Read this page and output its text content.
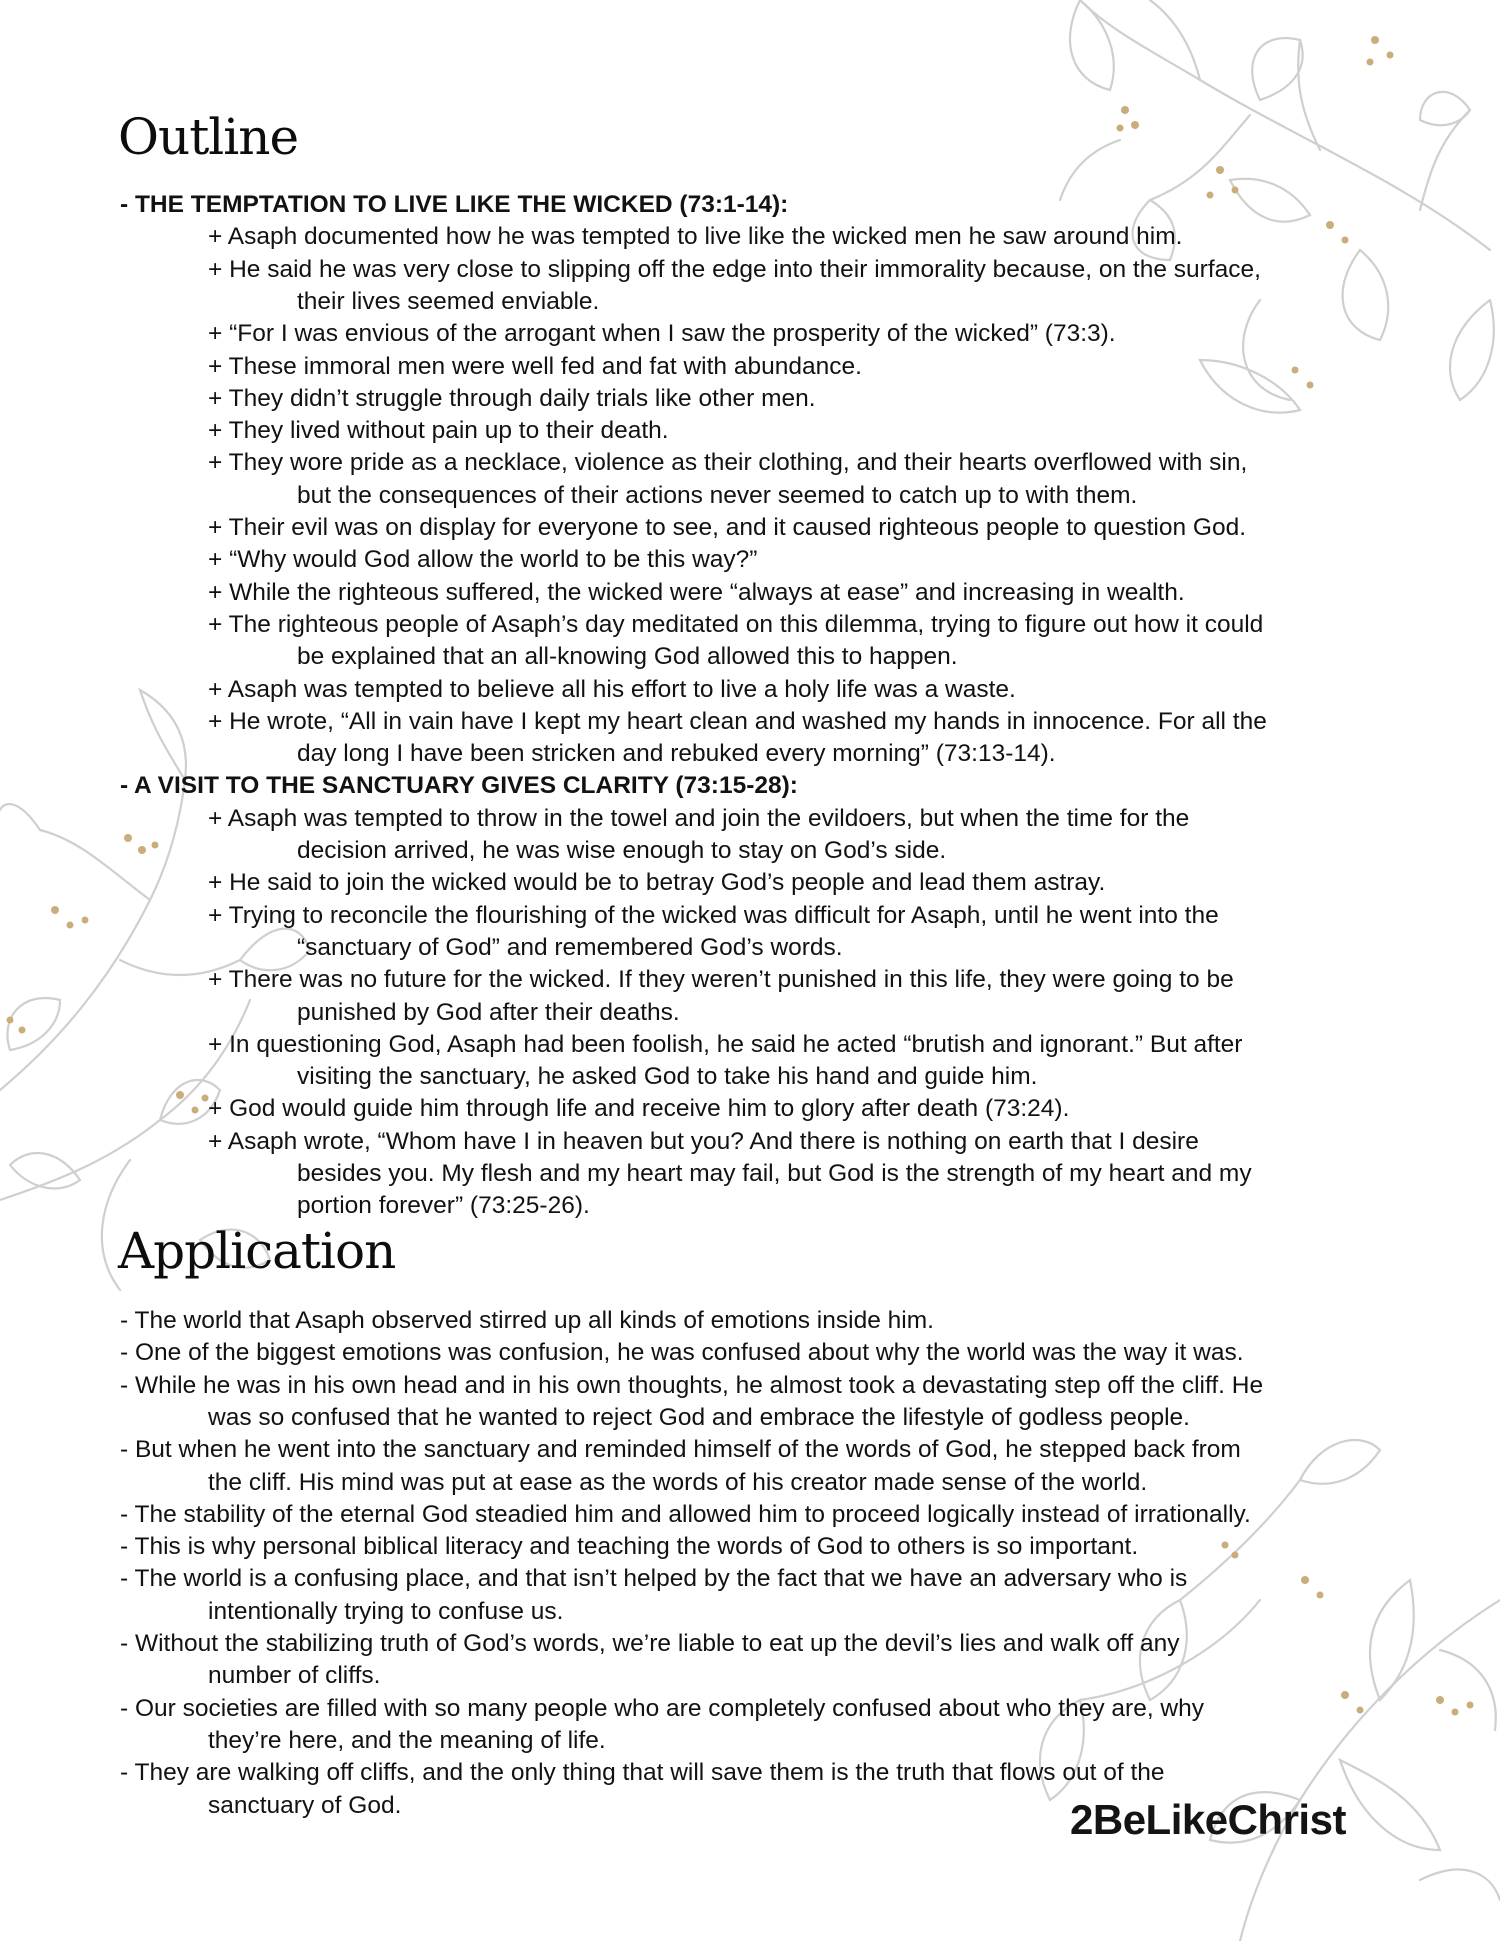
Outline
- THE TEMPTATION TO LIVE LIKE THE WICKED (73:1-14):
+ Asaph documented how he was tempted to live like the wicked men he saw around him.
+ He said he was very close to slipping off the edge into their immorality because, on the surface,
their lives seemed enviable.
+ “For I was envious of the arrogant when I saw the prosperity of the wicked” (73:3).
+ These immoral men were well fed and fat with abundance.
+ They didn’t struggle through daily trials like other men.
+ They lived without pain up to their death.
+ They wore pride as a necklace, violence as their clothing, and their hearts overflowed with sin,
but the consequences of their actions never seemed to catch up to with them.
+ Their evil was on display for everyone to see, and it caused righteous people to question God.
+ “Why would God allow the world to be this way?”
+ While the righteous suffered, the wicked were “always at ease” and increasing in wealth.
+ The righteous people of Asaph’s day meditated on this dilemma, trying to figure out how it could
be explained that an all-knowing God allowed this to happen.
+ Asaph was tempted to believe all his effort to live a holy life was a waste.
+ He wrote, “All in vain have I kept my heart clean and washed my hands in innocence. For all the
day long I have been stricken and rebuked every morning” (73:13-14).
- A VISIT TO THE SANCTUARY GIVES CLARITY (73:15-28):
+ Asaph was tempted to throw in the towel and join the evildoers, but when the time for the
decision arrived, he was wise enough to stay on God’s side.
+ He said to join the wicked would be to betray God’s people and lead them astray.
+ Trying to reconcile the flourishing of the wicked was difficult for Asaph, until he went into the
“sanctuary of God” and remembered God’s words.
+ There was no future for the wicked. If they weren’t punished in this life, they were going to be
punished by God after their deaths.
+ In questioning God, Asaph had been foolish, he said he acted “brutish and ignorant.” But after
visiting the sanctuary, he asked God to take his hand and guide him.
+ God would guide him through life and receive him to glory after death (73:24).
+ Asaph wrote, “Whom have I in heaven but you? And there is nothing on earth that I desire
besides you. My flesh and my heart may fail, but God is the strength of my heart and my
portion forever” (73:25-26).
Application
- The world that Asaph observed stirred up all kinds of emotions inside him.
- One of the biggest emotions was confusion, he was confused about why the world was the way it was.
- While he was in his own head and in his own thoughts, he almost took a devastating step off the cliff. He
was so confused that he wanted to reject God and embrace the lifestyle of godless people.
- But when he went into the sanctuary and reminded himself of the words of God, he stepped back from
the cliff. His mind was put at ease as the words of his creator made sense of the world.
- The stability of the eternal God steadied him and allowed him to proceed logically instead of irrationally.
- This is why personal biblical literacy and teaching the words of God to others is so important.
- The world is a confusing place, and that isn’t helped by the fact that we have an adversary who is
intentionally trying to confuse us.
- Without the stabilizing truth of God’s words, we’re liable to eat up the devil’s lies and walk off any
number of cliffs.
- Our societies are filled with so many people who are completely confused about who they are, why
they’re here, and the meaning of life.
- They are walking off cliffs, and the only thing that will save them is the truth that flows out of the
sanctuary of God.	2BeLikeChrist
